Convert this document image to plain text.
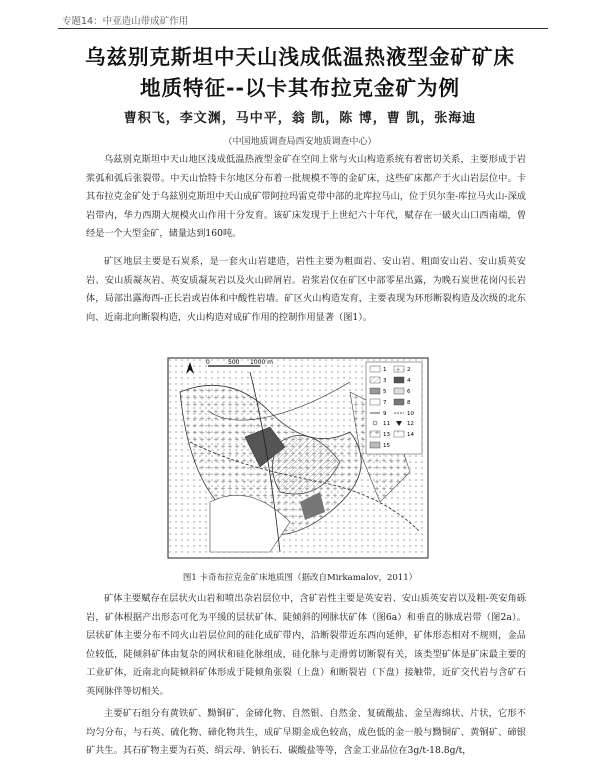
专题14：中亚造山带成矿作用
乌兹别克斯坦中天山浅成低温热液型金矿矿床
地质特征--以卡其布拉克金矿为例
曹积飞，李文渊，马中平，翁 凯，陈 博，曹 凯，张海迪
（中国地质调查局西安地质调查中心）
乌兹别克斯坦中天山地区浅成低温热液型金矿在空间上常与火山构造系统有着密切关系，主要形成于岩浆弧和弧后张裂带。中天山恰特卡尔地区分布着一批规模不等的金矿床，这些矿床都产于火山岩层位中。卡其布拉克金矿处于乌兹别克斯坦中天山成矿带阿拉玛雷克带中部的北库拉马山，位于贝尔奎-库拉马火山-深成岩带内，华力西期大规模火山作用十分发育。该矿床发现于上世纪六十年代，赋存在一破火山口西南端，曾经是一个大型金矿，储量达到160吨。
矿区地层主要是石炭系，是一套火山岩建造，岩性主要为粗面岩、安山岩、粗面安山岩、安山质英安岩、安山质凝灰岩、英安质凝灰岩以及火山碎屑岩。岩浆岩仅在矿区中部零星出露，为晚石炭世花岗闪长岩体，局部出露海西-正长岩或岩体和中酸性岩墙。矿区火山构造发育，主要表现为环形断裂构造及次级的北东向、近南北向断裂构造，火山构造对成矿作用的控制作用显著（图1）。
0	500 1000 m
1	2
3	4
5	6
7	8
9	10
11	12
13	14
15
图1 卡奇布拉克金矿床地质图（据改自Mirkamalov，2011）
矿体主要赋存在层状火山岩和喷出杂岩层位中，含矿岩性主要是英安岩、安山质英安岩以及粗-英安角砾岩，矿体根据产出形态可化为平缓的层状矿体、陡倾斜的网脉状矿体（图6a）和垂直的脉成岩带（图2a）。层状矿体主要分布不同火山岩层位间的硅化成矿带内，沿断裂带近东西向延伸，矿体形态相对不规则，金品位较低，陡倾斜矿体由复杂的网状和硅化脉组成，硅化脉与走滑剪切断裂有关，该类型矿体是矿床最主要的工业矿体，近南北向陡倾斜矿体形成于陡倾角张裂（上盘）和断裂岩（下盘）接触带，近矿交代岩与含矿石英网脉伴等切相关。
主要矿石组分有黄铁矿、黝铜矿、金碲化物、自然银、自然金、复硫酸盐、金呈海绵状、片状，它形不均匀分布，与石英、硫化物、碲化物共生，成矿早期金成色较高，成色低的金一般与黝铜矿、黄铜矿、碲银矿共生。其石矿物主要为石英、绢云母、钠长石、碳酸盐等等，含金工业品位在3g/t-18.8g/t，
